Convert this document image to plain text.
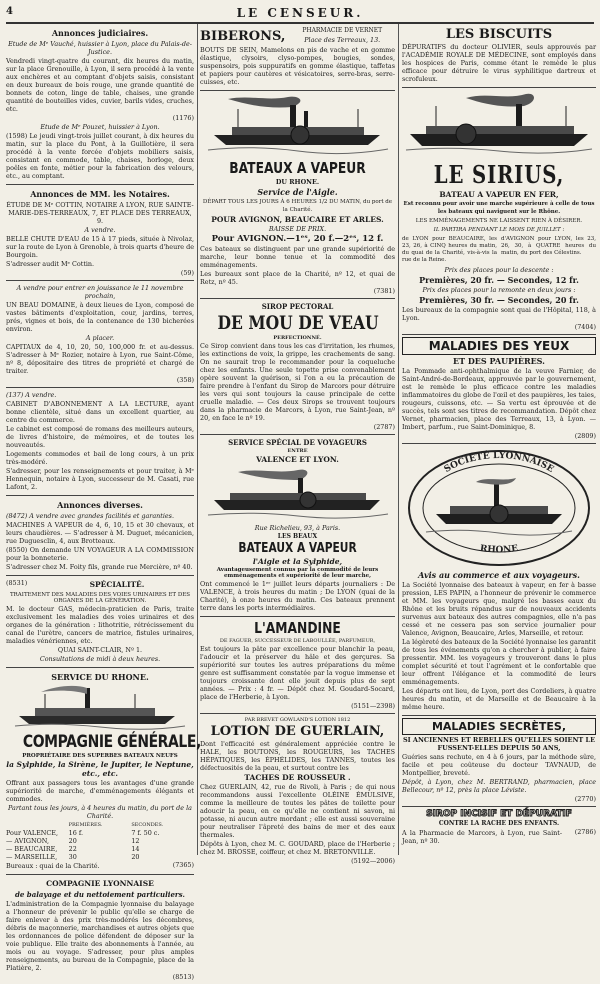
4	LE CENSEUR.
Annonces judiciaires.
Etude de Mᵉ Vauché, huissier à Lyon, place du Palais-de-Justice.
Vendredi vingt-quatre du courant, dix heures du matin, sur la place Grenouille, à Lyon, il sera procédé à la vente aux enchères et au comptant d'objets saisis, consistant en deux bureaux de bois rouge, une grande quantité de bonnets de coton, linge de table, chaises, une grande quantité de bouteilles vides, cuvier, barils vides, cruches, etc.
(1176)
Etude de Mᵉ Pouzet, huissier à Lyon.
(1598) Le jeudi vingt-trois juillet courant, à dix heures du matin, sur la place du Pont, à la Guillotière, il sera procédé à la vente forcée d'objets mobiliers saisis, consistant en commode, table, chaises, horloge, deux poêles en fonte, métier pour la fabrication des velours, etc., au comptant.
Annonces de MM. les Notaires.
ÉTUDE DE Mᵉ COTTIN, NOTAIRE A LYON, RUE SAINTE-MARIE-DES-TERREAUX, 7, ET PLACE DES TERREAUX, 9.
A vendre.
BELLE CHUTE D'EAU de 15 à 17 pieds, située à Nivolaz, sur la route de Lyon à Grenoble, à trois quarts d'heure de Bourgoin.
S'adresser audit Mᵉ Cottin.
(59)
A vendre pour entrer en jouissance le 11 novembre prochain,
UN BEAU DOMAINE, à deux lieues de Lyon, composé de vastes bâtiments d'exploitation, cour, jardins, terres, prés, vignes et bois, de la contenance de 130 bicherées environ.
A placer.
CAPITAUX de 4, 10, 20, 50, 100,000 fr. et au-dessus. S'adresser à Mᵉ Rozier, notaire à Lyon, rue Saint-Côme, nº 8, dépositaire des titres de propriété et chargé de traiter.
(358)
(137) A vendre.
CABINET D'ABONNEMENT A LA LECTURE, ayant bonne clientèle, situé dans un excellent quartier, au centre du commerce.
Le cabinet est composé de romans des meilleurs auteurs, de livres d'histoire, de mémoires, et de toutes les nouveautés.
Logements commodes et bail de long cours, à un prix très-modéré.
S'adresser, pour les renseignements et pour traiter, à Mᵉ Hennequin, notaire à Lyon, successeur de M. Casati, rue Lafont, 2.
Annonces diverses.
(8472) A vendre avec grandes facilités et garanties.
MACHINES A VAPEUR de 4, 6, 10, 15 et 30 chevaux, et leurs chaudières. — S'adresser à M. Duguet, mécanicien, rue Duguesclin, 4, aux Brotteaux.
(8550) On demande UN VOYAGEUR A LA COMMISSION pour la bonneterie.
S'adresser chez M. Foity fils, grande rue Mercière, nº 40.
(8531)	SPÉCIALITÉ.
TRAITEMENT DES MALADIES DES VOIES URINAIRES ET DES ORGANES DE LA GÉNÉRATION.
M. le docteur GAS, médecin-praticien de Paris, traite exclusivement les maladies des voies urinaires et des organes de la génération : lithotritie, rétrécissement du canal de l'urètre, cancers de matrice, fistules urinaires, maladies vénériennes, etc.
QUAI SAINT-CLAIR, Nº 1.
Consultations de midi à deux heures.
SERVICE DU RHONE.
COMPAGNIE GÉNÉRALE,
PROPRIÉTAIRE DES SUPERBES BATEAUX NEUFS
la Sylphide, la Sirène, le Jupiter, le Neptune, etc., etc.
Offrant aux passagers tous les avantages d'une grande supériorité de marche, d'emménagements élégants et commodes.
Partant tous les jours, à 4 heures du matin, du port de la Charité.
PREMIÈRES.	SECONDES.
Pour VALENCE,	16 f.	7 f. 50 c.
— AVIGNON,	20	12
— BEAUCAIRE,	22	14
— MARSEILLE,	30	20
Bureaux : quai de la Charité.	(7365)
COMPAGNIE LYONNAISE
de balayage et du nettoiement particuliers.
L'administration de la Compagnie lyonnaise du balayage a l'honneur de prévenir le public qu'elle se charge de faire enlever à des prix très-modérés les décombres, débris de maçonnerie, marchandises et autres objets que les ordonnances de police défendent de déposer sur la voie publique. Elle traite des abonnements à l'année, au mois ou au voyage. S'adresser, pour plus amples renseignements, au bureau de la Compagnie, place de la Platière, 2.
(8513)
BIBERONS,	PHARMACIE DE VERNET
Place des Terreaux, 13.
BOUTS DE SEIN, Mamelons en pis de vache et en gomme élastique, clysoirs, clyso-pompes, bougies, sondes, suspensoirs, pois suppuratifs en gomme élastique, taffetas et papiers pour cautères et vésicatoires, serre-bras, serre-cuisses, etc.
BATEAUX A VAPEUR
DU RHONE.
Service de l'Aigle.
DÉPART TOUS LES JOURS À 6 HEURES 1/2 DU MATIN, du port de la Charité.
POUR AVIGNON, BEAUCAIRE ET ARLES.
BAISSE DE PRIX.
Pour AVIGNON.—1ᵉˢ, 20 f.—2ᵉˢ, 12 f.
Ces bateaux se distinguent par une grande supériorité de marche, leur bonne tenue et la commodité des emménagements.
Les bureaux sont place de la Charité, nº 12, et quai de Retz, nº 45.
(7381)
SIROP PECTORAL
DE MOU DE VEAU
PERFECTIONNÉ.
Ce Sirop convient dans tous les cas d'irritation, les rhumes, les extinctions de voix, la grippe, les crachements de sang. On ne saurait trop le recommander pour la coqueluche chez les enfants. Une seule topette prise convenablement opère souvent la guérison, si l'on a eu la précaution de faire prendre à l'enfant du Sirop de Marcors pour détruire les vers qui sont toujours la cause principale de cette cruelle maladie. — Ces deux Sirops se trouvent toujours dans la pharmacie de Marcors, à Lyon, rue Saint-Jean, nº 20, en face le nº 19.
(2787)
SERVICE SPÉCIAL DE VOYAGEURS
ENTRE
VALENCE ET LYON.
Rue Richelieu, 93, à Paris.
LES BEAUX
BATEAUX A VAPEUR
l'Aigle et la Sylphide,
Avantageusement connus par la commodité de leurs emménagements et supériorité de leur marche,
Ont commencé le 1ᵉʳ juillet leurs départs journaliers : De VALENCE, à trois heures du matin ; De LYON (quai de la Charité), à onze heures du matin. Ces bateaux prennent terre dans les ports intermédiaires.
L'AMANDINE
DE FAGUER, SUCCESSEUR DE LABOULLÉE, PARFUMEUR,
Est toujours la pâte par excellence pour blanchir la peau, l'adoucir et la préserver du hâle et des gerçures. Sa supériorité sur toutes les autres préparations du même genre est suffisamment constatée par la vogue immense et toujours croissante dont elle jouit depuis plus de sept années. — Prix : 4 fr. — Dépôt chez M. Goudard-Socard, place de l'Herberie, à Lyon.
(5151—2398)
PAR BREVET GOWLAND'S LOTION 1812
LOTION DE GUERLAIN,
Dont l'efficacité est généralement appréciée contre le HALE, les BOUTONS, les ROUGEURS, les TACHES HÉPATIQUES, les ÉPHÉLIDES, les TANNES, toutes les défectuosités de la peau, et surtout contre les
TACHES DE ROUSSEUR .
Chez GUERLAIN, 42, rue de Rivoli, à Paris ; de qui nous recommandons aussi l'excellente OLÉINE ÉMULSIVE, comme la meilleure de toutes les pâtes de toilette pour adoucir la peau, en ce qu'elle ne contient ni savon, ni potasse, ni aucun autre mordant ; elle est aussi souveraine pour neutraliser l'âpreté des bains de mer et des eaux thermales.
Dépôts à Lyon, chez M. C. GOUDARD, place de l'Herberie ; chez M. BROSSE, coiffeur, et chez M. BRETONVILLE.
(5192—2006)
LES BISCUITS
DÉPURATIFS du docteur OLIVIER, seuls approuvés par l'ACADÉMIE ROYALE DE MÉDECINE, sont employés dans les hospices de Paris, comme étant le remède le plus efficace pour détruire le virus syphilitique dartreux et scrofuleux.
LE SIRIUS,
BATEAU A VAPEUR EN FER,
Est reconnu pour avoir une marche supérieure à celle de tous les bateaux qui naviguent sur le Rhône.
LES EMMÉNAGEMENTS NE LAISSENT RIEN À DÉSIRER.
IL PARTIRA PENDANT LE MOIS DE JUILLET :
de LYON pour BEAUCAIRE, les 23, 26, à CINQ heures du matin, du quai de la Charité, vis-à-vis la rue de la Reine.
d'AVIGNON pour LYON, les 23, 26, 30, à QUATRE heures du matin, du port des Célestins.
Prix des places pour la descente :
Premières, 20 fr. — Secondes, 12 fr.
Prix des places pour la remonte en deux jours :
Premières, 30 fr. — Secondes, 20 fr.
Les bureaux de la compagnie sont quai de l'Hôpital, 118, à Lyon.
(7404)
MALADIES DES YEUX
ET DES PAUPIÈRES.
La Pommade anti-ophthalmique de la veuve Farnier, de Saint-André-de-Bordeaux, approuvée par le gouvernement, est le remède le plus efficace contre les maladies inflammatoires du globe de l'œil et des paupières, les taies, rougeurs, cuissons, etc. — Sa vertu est éprouvée et de succès, tels sont ses titres de recommandation. Dépôt chez Vernet, pharmacien, place des Terreaux, 13, à Lyon. — Imbert, parfum., rue Saint-Dominique, 8.
(2809)
SOCIÉTÉ LYONNAISE
RHONE
Avis au commerce et aux voyageurs.
La Société lyonnaise des bateaux à vapeur, en fer à basse pression, LES PAPIN, a l'honneur de prévenir le commerce et MM. les voyageurs que, malgré les basses eaux du Rhône et les bruits répandus sur de nouveaux accidents survenus aux bateaux des autres compagnies, elle n'a pas cessé et ne cessera pas son service journalier pour Valence, Avignon, Beaucaire, Arles, Marseille, et retour.
La légèreté des bateaux de la Société lyonnaise les garantit de tous les événements qu'on a chercher à publier, à faire pressentir. MM. les voyageurs y trouveront dans le plus complet sécurité et tout l'agrément et le confortable que leur offrent l'élégance et la commodité de leurs emménagements.
Les départs ont lieu, de Lyon, port des Cordeliers, à quatre heures du matin, et de Marseille et de Beaucaire à la même heure.
MALADIES SECRÈTES,
SI ANCIENNES ET REBELLES QU'ELLES SOIENT LE FUSSENT-ELLES DEPUIS 50 ANS,
Guéries sans rechute, en 4 à 6 jours, par la méthode sûre, facile et peu coûteuse du docteur TAVNAUD, de Montpellier, breveté.
Dépôt, à Lyon, chez M. BERTRAND, pharmacien, place Bellecour, nº 12, près la place Léviste.
(2770)
SIROP INCISIF ET DÉPURATIF
CONTRE LA RACHE DES ENFANTS.
A la Pharmacie de Marcors, à Lyon, rue Saint-Jean, nº 30.
(2786)
